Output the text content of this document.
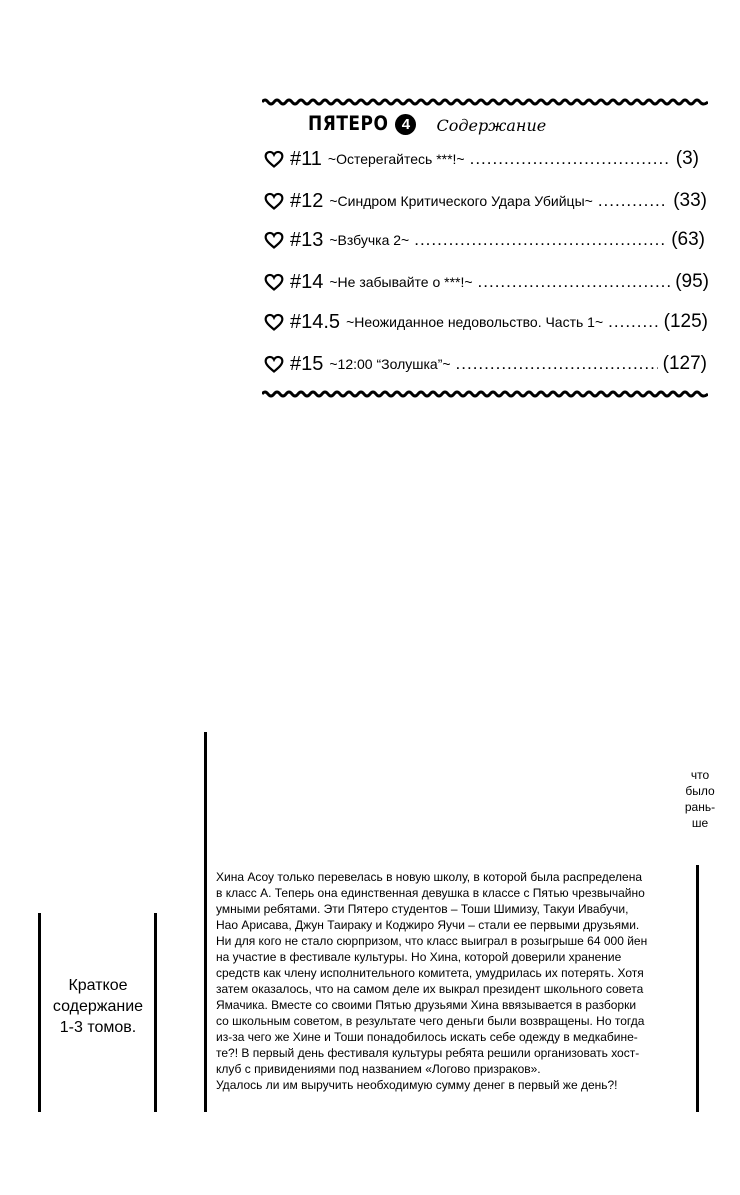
ПЯТЕРО 4	Содержание
#11 ~Остерегайтесь ***!~ .....	(3)
#12 ~Синдром Критического Удара Убийцы~ .....	(33)
#13 ~Взбучка 2~ .....	(63)
#14 ~Не забывайте о ***!~ .....	(95)
#14.5 ~Неожиданное недовольство. Часть 1~ .....	(125)
#15 ~12:00 “Золушка”~ .....	(127)
что
было
рань-
ше
Краткое
содержание
1-3 томов.
Хина Асоу только перевелась в новую школу, в которой была распределена
в класс А. Теперь она единственная девушка в классе с Пятью чрезвычайно
умными ребятами. Эти Пятеро студентов – Тоши Шимизу, Такуи Ивабучи,
Нао Арисава, Джун Таираку и Коджиро Яучи – стали ее первыми друзьями.
Ни для кого не стало сюрпризом, что класс выиграл в розыгрыше 64 000 йен
на участие в фестивале культуры. Но Хина, которой доверили хранение
средств как члену исполнительного комитета, умудрилась их потерять. Хотя
затем оказалось, что на самом деле их выкрал президент школьного совета
Ямачика. Вместе со своими Пятью друзьями Хина ввязывается в разборки
со школьным советом, в результате чего деньги были возвращены. Но тогда
из-за чего же Хине и Тоши понадобилось искать себе одежду в медкабине-
те?! В первый день фестиваля культуры ребята решили организовать хост-
клуб с привидениями под названием «Логово призраков».
Удалось ли им выручить необходимую сумму денег в первый же день?!
